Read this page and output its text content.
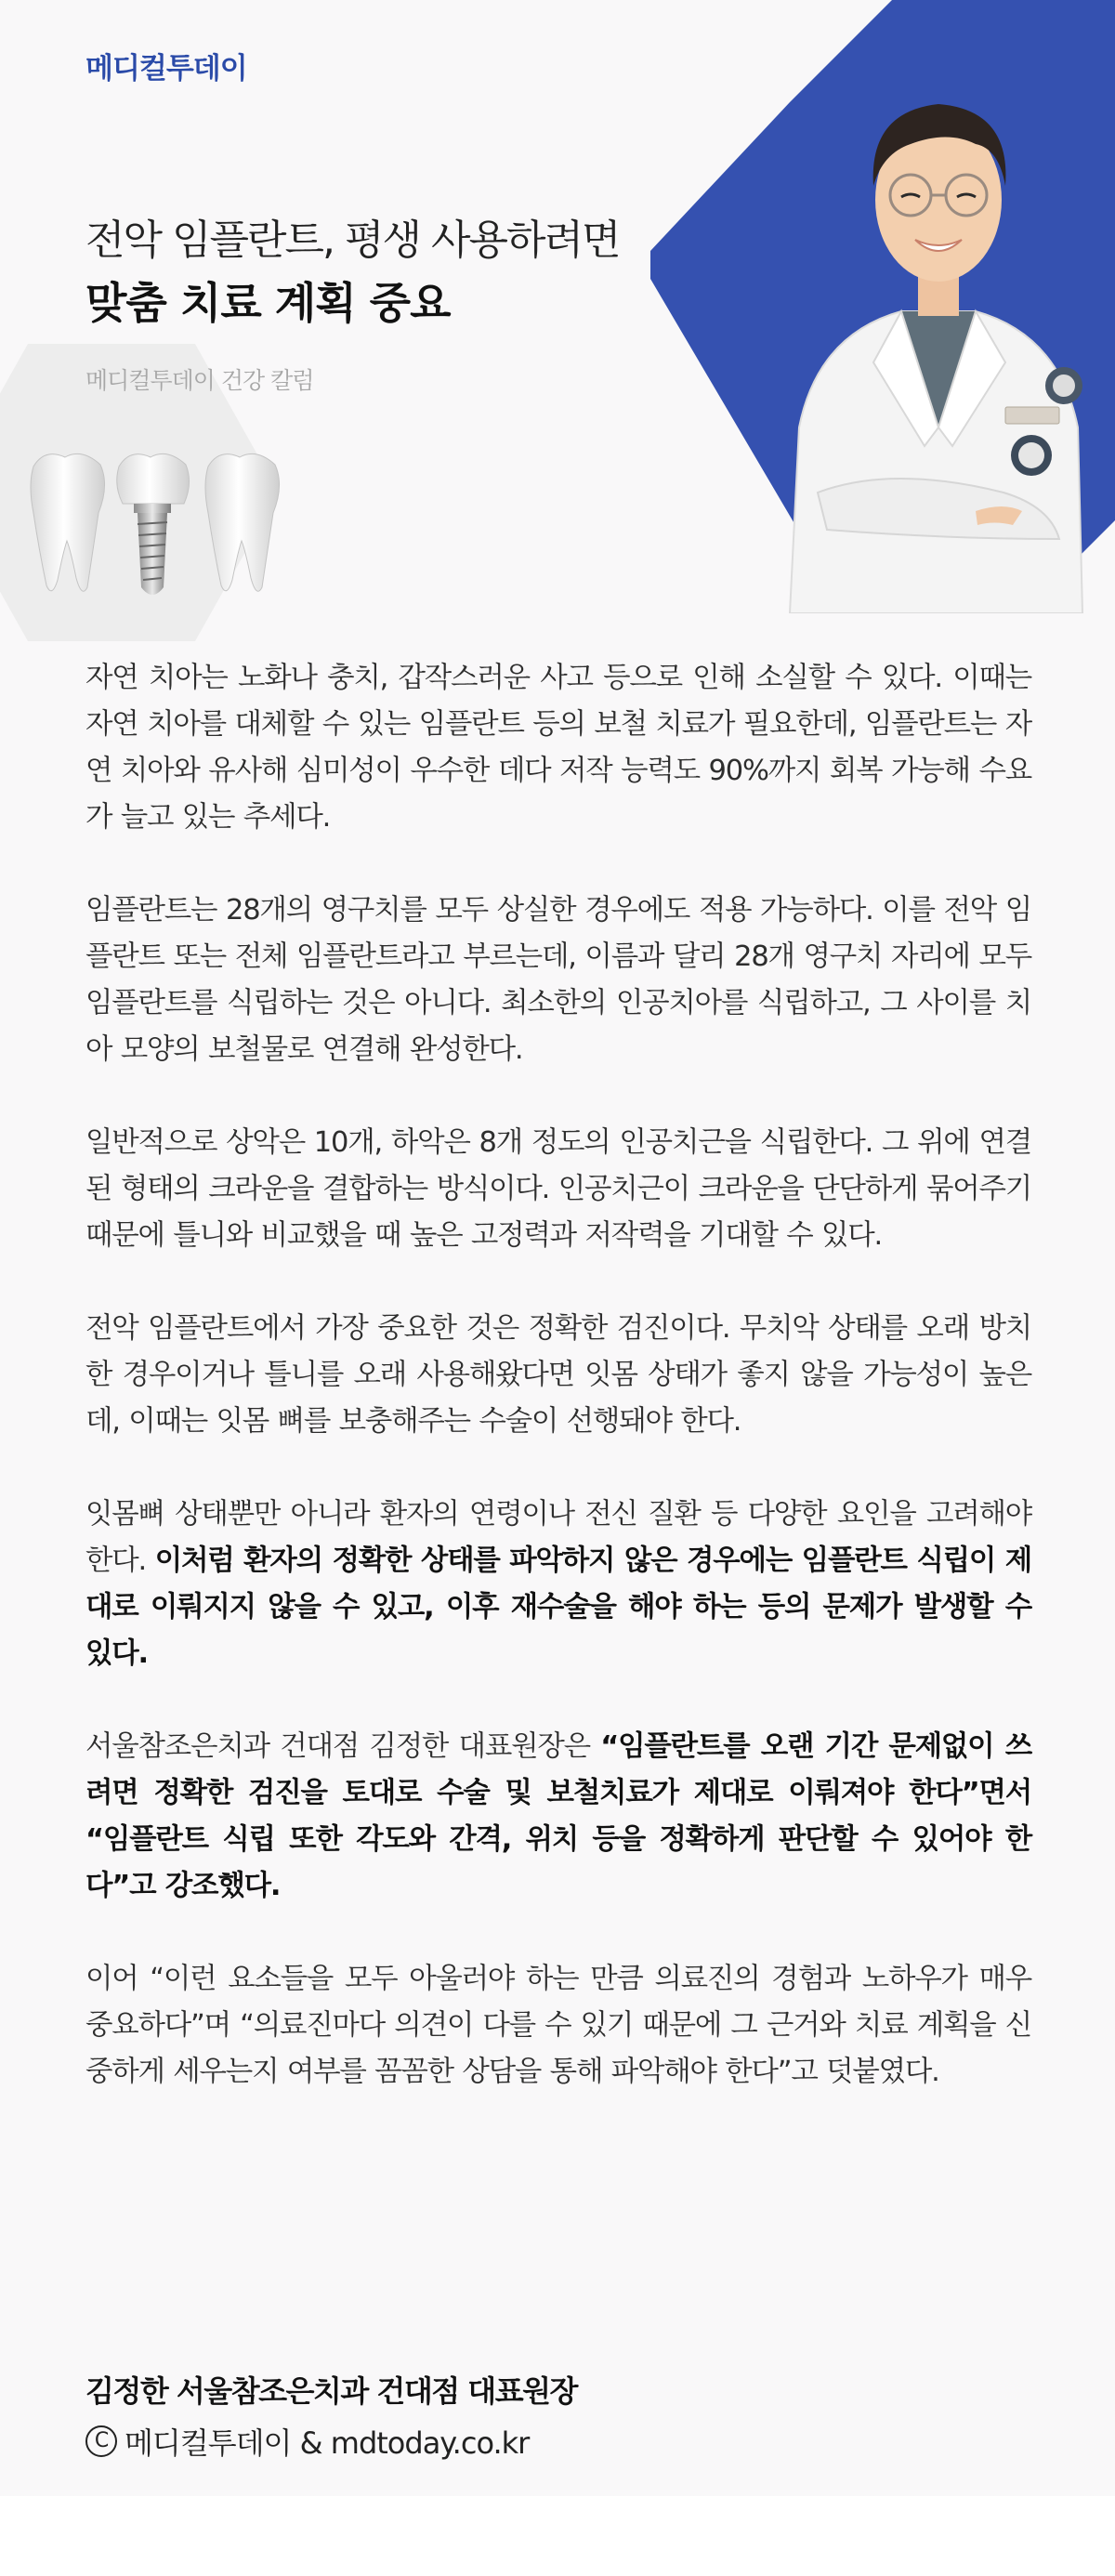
메디컬투데이
전악 임플란트, 평생 사용하려면
맞춤 치료 계획 중요
메디컬투데이 건강 칼럼

자연 치아는 노화나 충치, 갑작스러운 사고 등으로 인해 소실할 수 있다. 이때는 자연 치아를 대체할 수 있는 임플란트 등의 보철 치료가 필요한데, 임플란트는 자연 치아와 유사해 심미성이 우수한 데다 저작 능력도 90%까지 회복 가능해 수요가 늘고 있는 추세다.

임플란트는 28개의 영구치를 모두 상실한 경우에도 적용 가능하다. 이를 전악 임플란트 또는 전체 임플란트라고 부르는데, 이름과 달리 28개 영구치 자리에 모두 임플란트를 식립하는 것은 아니다. 최소한의 인공치아를 식립하고, 그 사이를 치아 모양의 보철물로 연결해 완성한다.

일반적으로 상악은 10개, 하악은 8개 정도의 인공치근을 식립한다. 그 위에 연결된 형태의 크라운을 결합하는 방식이다. 인공치근이 크라운을 단단하게 묶어주기 때문에 틀니와 비교했을 때 높은 고정력과 저작력을 기대할 수 있다.

전악 임플란트에서 가장 중요한 것은 정확한 검진이다. 무치악 상태를 오래 방치한 경우이거나 틀니를 오래 사용해왔다면 잇몸 상태가 좋지 않을 가능성이 높은데, 이때는 잇몸 뼈를 보충해주는 수술이 선행돼야 한다.

잇몸뼈 상태뿐만 아니라 환자의 연령이나 전신 질환 등 다양한 요인을 고려해야 한다. 이처럼 환자의 정확한 상태를 파악하지 않은 경우에는 임플란트 식립이 제대로 이뤄지지 않을 수 있고, 이후 재수술을 해야 하는 등의 문제가 발생할 수 있다.

서울참조은치과 건대점 김정한 대표원장은 “임플란트를 오랜 기간 문제없이 쓰려면 정확한 검진을 토대로 수술 및 보철치료가 제대로 이뤄져야 한다”면서 “임플란트 식립 또한 각도와 간격, 위치 등을 정확하게 판단할 수 있어야 한다”고 강조했다.

이어 “이런 요소들을 모두 아울러야 하는 만큼 의료진의 경험과 노하우가 매우 중요하다”며 “의료진마다 의견이 다를 수 있기 때문에 그 근거와 치료 계획을 신중하게 세우는지 여부를 꼼꼼한 상담을 통해 파악해야 한다”고 덧붙였다.

김정한 서울참조은치과 건대점 대표원장
C 메디컬투데이 & mdtoday.co.kr
